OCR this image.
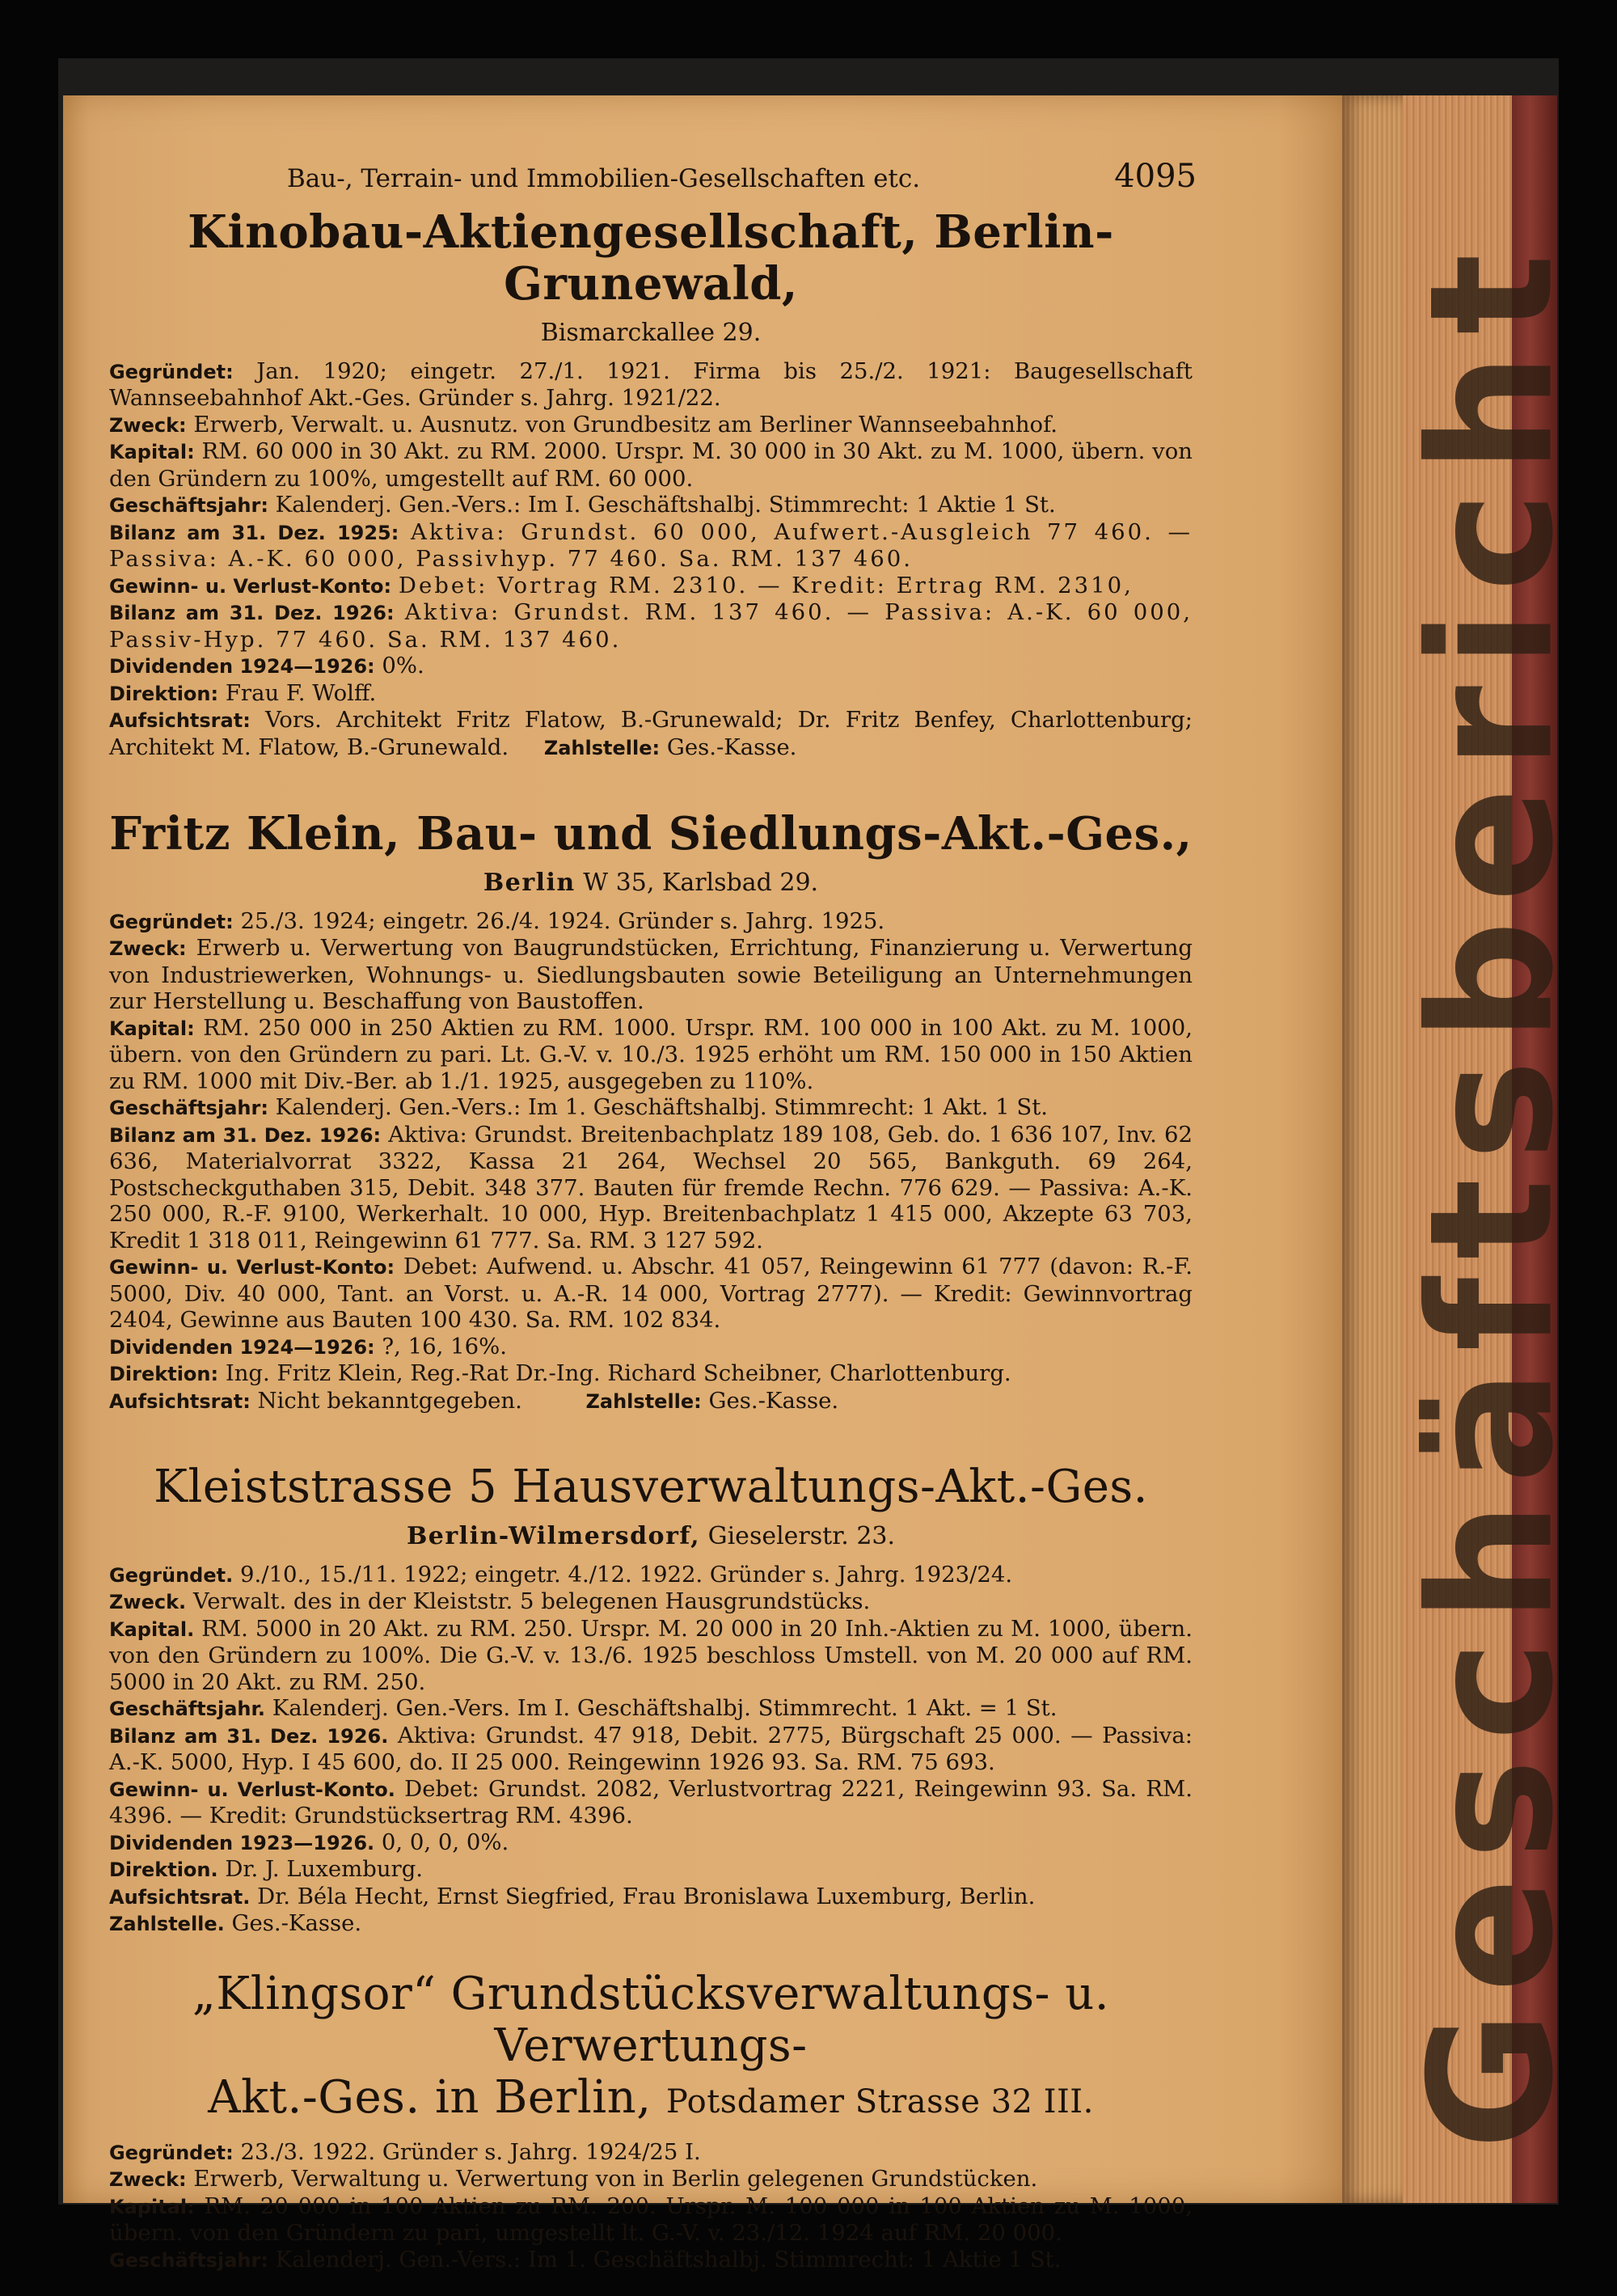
Geschäftsbericht
Bau-, Terrain- und Immobilien-Gesellschaften etc.	4095
Kinobau-Aktiengesellschaft, Berlin-Grunewald,
Bismarckallee 29.

Gegründet: Jan. 1920; eingetr. 27./1. 1921. Firma bis 25./2. 1921: Baugesellschaft Wannseebahnhof Akt.-Ges. Gründer s. Jahrg. 1921/22.

Zweck: Erwerb, Verwalt. u. Ausnutz. von Grundbesitz am Berliner Wannseebahnhof.

Kapital: RM. 60 000 in 30 Akt. zu RM. 2000. Urspr. M. 30 000 in 30 Akt. zu M. 1000, übern. von den Gründern zu 100%, umgestellt auf RM. 60 000.

Geschäftsjahr: Kalenderj. Gen.-Vers.: Im I. Geschäftshalbj. Stimmrecht: 1 Aktie 1 St.

Bilanz am 31. Dez. 1925: Aktiva: Grundst. 60 000, Aufwert.-Ausgleich 77 460. — Passiva: A.-K. 60 000, Passivhyp. 77 460. Sa. RM. 137 460.

Gewinn- u. Verlust-Konto: Debet: Vortrag RM. 2310. — Kredit: Ertrag RM. 2310,

Bilanz am 31. Dez. 1926: Aktiva: Grundst. RM. 137 460. — Passiva: A.-K. 60 000, Passiv-Hyp. 77 460. Sa. RM. 137 460.

Dividenden 1924—1926: 0%.

Direktion: Frau F. Wolff.

Aufsichtsrat: Vors. Architekt Fritz Flatow, B.-Grunewald; Dr. Fritz Benfey, Charlottenburg; Architekt M. Flatow, B.-Grunewald. Zahlstelle: Ges.-Kasse.

Fritz Klein, Bau- und Siedlungs-Akt.-Ges.,
Berlin W 35, Karlsbad 29.

Gegründet: 25./3. 1924; eingetr. 26./4. 1924. Gründer s. Jahrg. 1925.

Zweck: Erwerb u. Verwertung von Baugrundstücken, Errichtung, Finanzierung u. Verwertung von Industriewerken, Wohnungs- u. Siedlungsbauten sowie Beteiligung an Unternehmungen zur Herstellung u. Beschaffung von Baustoffen.

Kapital: RM. 250 000 in 250 Aktien zu RM. 1000. Urspr. RM. 100 000 in 100 Akt. zu M. 1000, übern. von den Gründern zu pari. Lt. G.-V. v. 10./3. 1925 erhöht um RM. 150 000 in 150 Aktien zu RM. 1000 mit Div.-Ber. ab 1./1. 1925, ausgegeben zu 110%.

Geschäftsjahr: Kalenderj. Gen.-Vers.: Im 1. Geschäftshalbj. Stimmrecht: 1 Akt. 1 St.

Bilanz am 31. Dez. 1926: Aktiva: Grundst. Breitenbachplatz 189 108, Geb. do. 1 636 107, Inv. 62 636, Materialvorrat 3322, Kassa 21 264, Wechsel 20 565, Bankguth. 69 264, Postscheckguthaben 315, Debit. 348 377. Bauten für fremde Rechn. 776 629. — Passiva: A.-K. 250 000, R.-F. 9100, Werkerhalt. 10 000, Hyp. Breitenbachplatz 1 415 000, Akzepte 63 703, Kredit 1 318 011, Reingewinn 61 777. Sa. RM. 3 127 592.

Gewinn- u. Verlust-Konto: Debet: Aufwend. u. Abschr. 41 057, Reingewinn 61 777 (davon: R.-F. 5000, Div. 40 000, Tant. an Vorst. u. A.-R. 14 000, Vortrag 2777). — Kredit: Gewinnvortrag 2404, Gewinne aus Bauten 100 430. Sa. RM. 102 834.

Dividenden 1924—1926: ?, 16, 16%.

Direktion: Ing. Fritz Klein, Reg.-Rat Dr.-Ing. Richard Scheibner, Charlottenburg.

Aufsichtsrat: Nicht bekanntgegeben.	Zahlstelle: Ges.-Kasse.

Kleiststrasse 5 Hausverwaltungs-Akt.-Ges.
Berlin-Wilmersdorf, Gieselerstr. 23.

Gegründet. 9./10., 15./11. 1922; eingetr. 4./12. 1922. Gründer s. Jahrg. 1923/24.

Zweck. Verwalt. des in der Kleiststr. 5 belegenen Hausgrundstücks.

Kapital. RM. 5000 in 20 Akt. zu RM. 250. Urspr. M. 20 000 in 20 Inh.-Aktien zu M. 1000, übern. von den Gründern zu 100%. Die G.-V. v. 13./6. 1925 beschloss Umstell. von M. 20 000 auf RM. 5000 in 20 Akt. zu RM. 250.

Geschäftsjahr. Kalenderj. Gen.-Vers. Im I. Geschäftshalbj. Stimmrecht. 1 Akt. = 1 St.

Bilanz am 31. Dez. 1926. Aktiva: Grundst. 47 918, Debit. 2775, Bürgschaft 25 000. — Passiva: A.-K. 5000, Hyp. I 45 600, do. II 25 000. Reingewinn 1926 93. Sa. RM. 75 693.

Gewinn- u. Verlust-Konto. Debet: Grundst. 2082, Verlustvortrag 2221, Reingewinn 93. Sa. RM. 4396. — Kredit: Grundstücksertrag RM. 4396.

Dividenden 1923—1926. 0, 0, 0, 0%.

Direktion. Dr. J. Luxemburg.

Aufsichtsrat. Dr. Béla Hecht, Ernst Siegfried, Frau Bronislawa Luxemburg, Berlin.

Zahlstelle. Ges.-Kasse.

„Klingsor“ Grundstücksverwaltungs- u. Verwertungs-
Akt.-Ges. in Berlin, Potsdamer Strasse 32 III.

Gegründet: 23./3. 1922. Gründer s. Jahrg. 1924/25 I.

Zweck: Erwerb, Verwaltung u. Verwertung von in Berlin gelegenen Grundstücken.

Kapital: RM. 20 000 in 100 Aktien zu RM. 200. Urspr. M. 100 000 in 100 Aktien zu M. 1000, übern. von den Gründern zu pari, umgestellt lt. G.-V. v. 23./12. 1924 auf RM. 20 000.

Geschäftsjahr: Kalenderj. Gen.-Vers.: Im 1. Geschäftshalbj. Stimmrecht: 1 Aktie 1 St.
